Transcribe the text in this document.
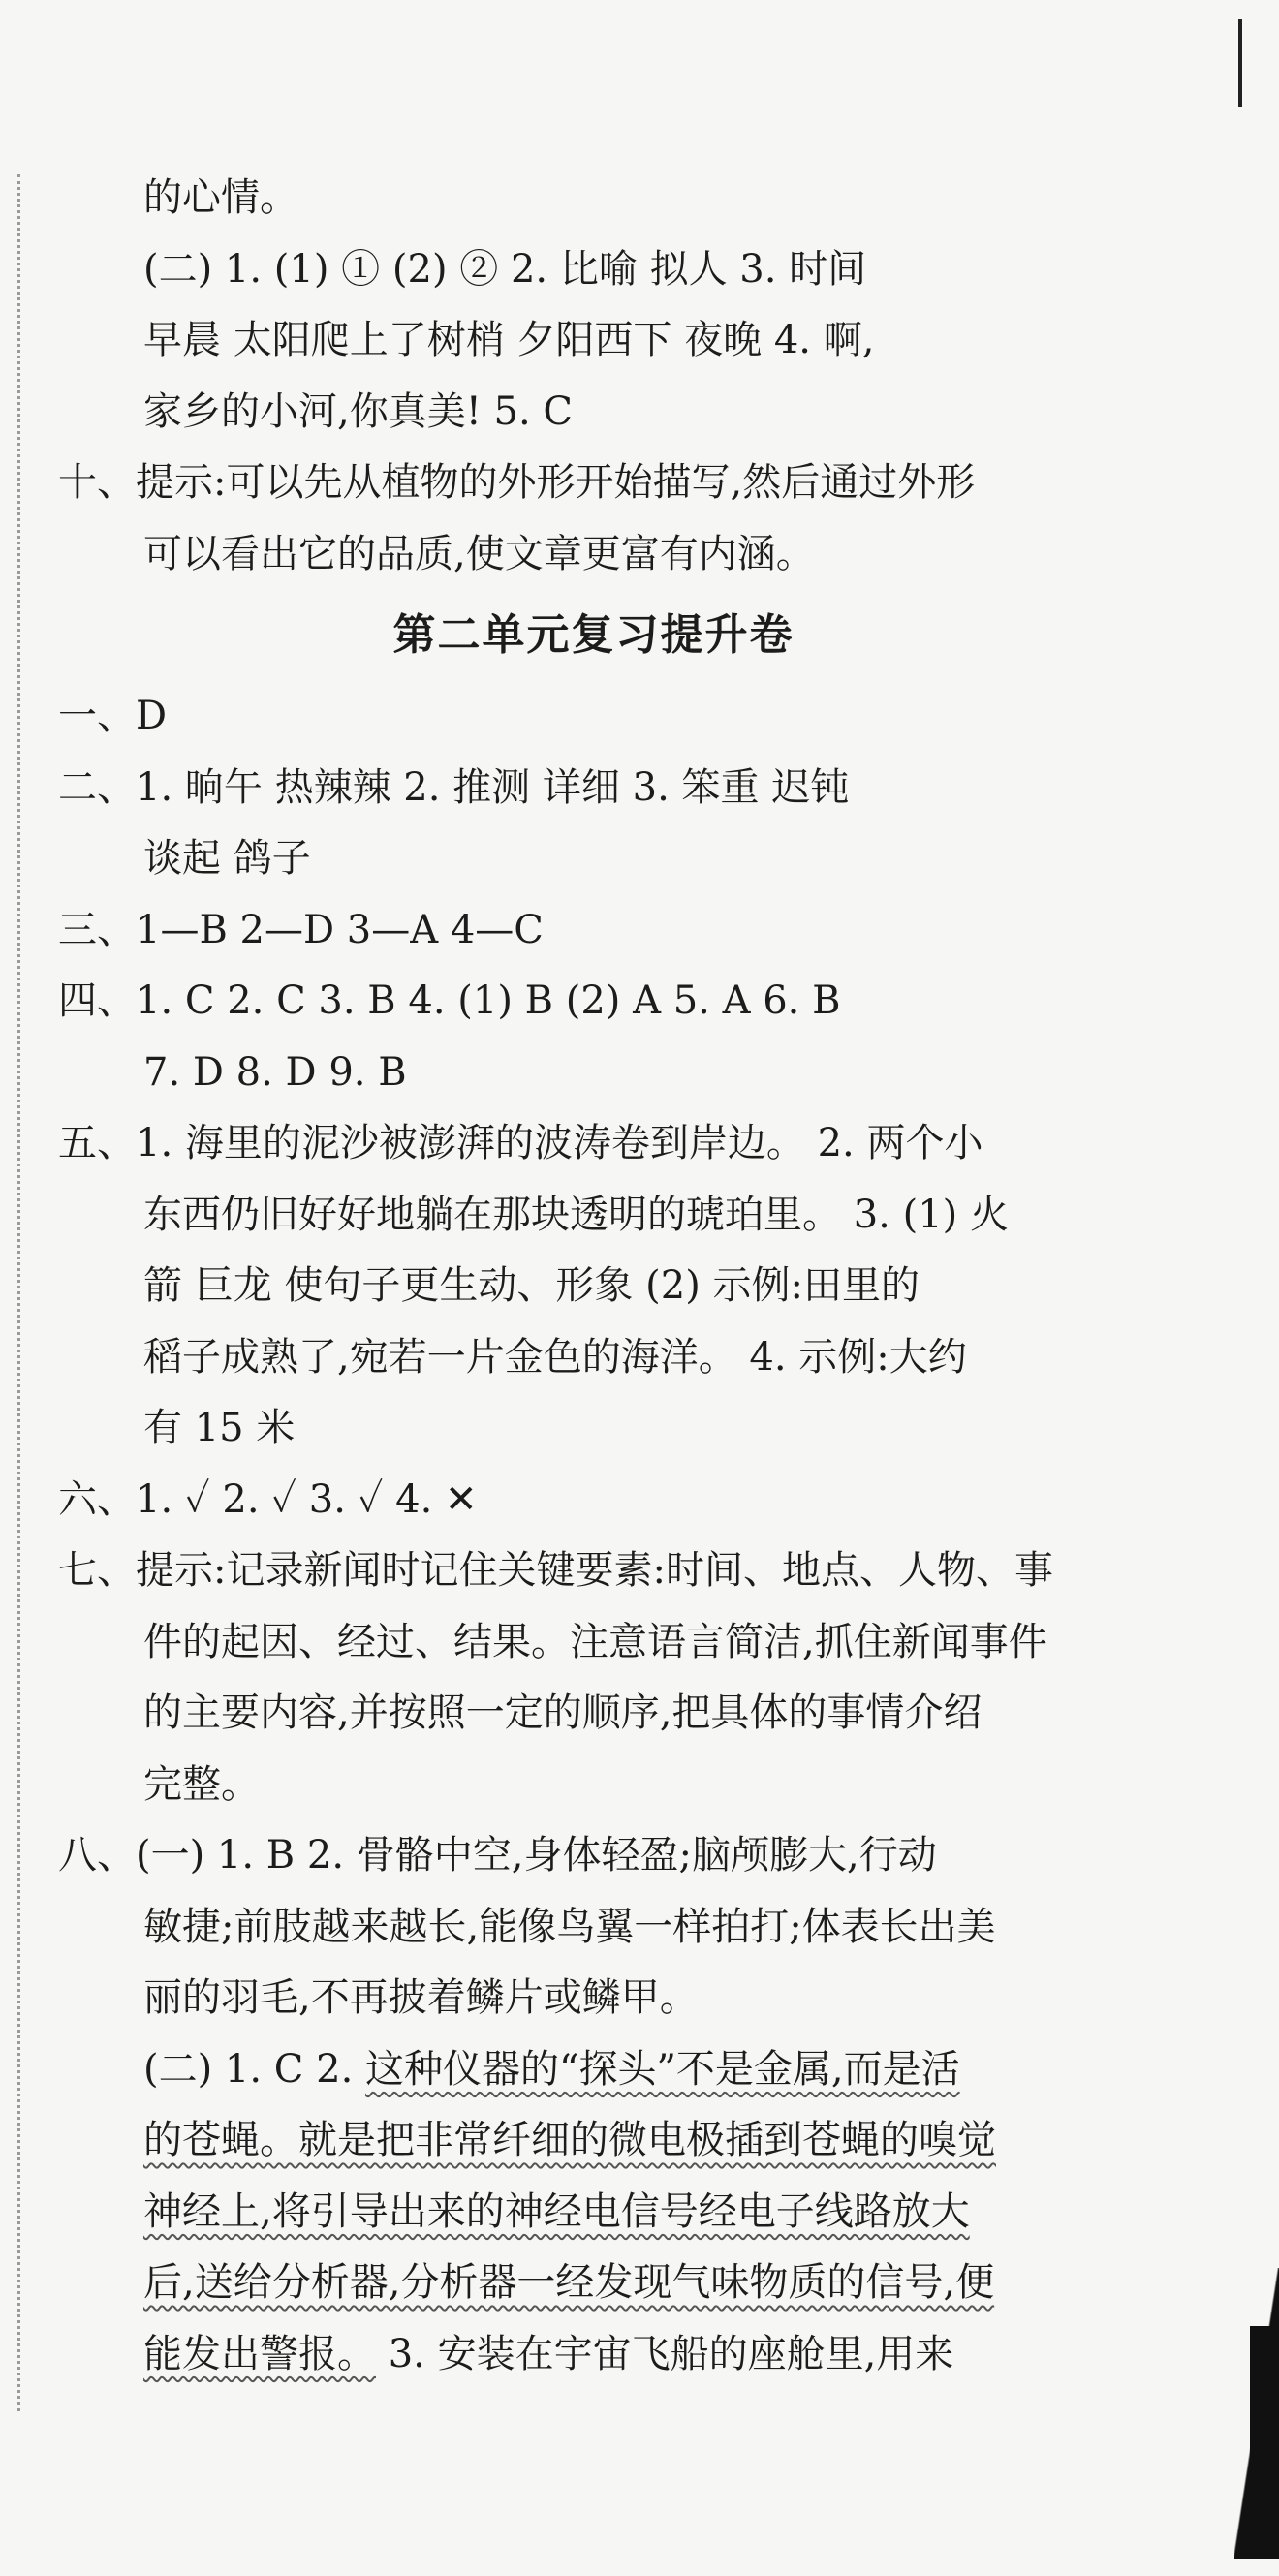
的心情。
(二) 1. (1) ① (2) ② 2. 比喻 拟人 3. 时间
早晨 太阳爬上了树梢 夕阳西下 夜晚 4. 啊,
家乡的小河,你真美! 5. C
十、提示:可以先从植物的外形开始描写,然后通过外形
可以看出它的品质,使文章更富有内涵。
第二单元复习提升卷
一、D
二、1. 晌午 热辣辣 2. 推测 详细 3. 笨重 迟钝
谈起 鸽子
三、1—B 2—D 3—A 4—C
四、1. C 2. C 3. B 4. (1) B (2) A 5. A 6. B
7. D 8. D 9. B
五、1. 海里的泥沙被澎湃的波涛卷到岸边。 2. 两个小
东西仍旧好好地躺在那块透明的琥珀里。 3. (1) 火
箭 巨龙 使句子更生动、形象 (2) 示例:田里的
稻子成熟了,宛若一片金色的海洋。 4. 示例:大约
有 15 米
六、1. ✓ 2. ✓ 3. ✓ 4. ✕
七、提示:记录新闻时记住关键要素:时间、地点、人物、事
件的起因、经过、结果。注意语言简洁,抓住新闻事件
的主要内容,并按照一定的顺序,把具体的事情介绍
完整。
八、(一) 1. B 2. 骨骼中空,身体轻盈;脑颅膨大,行动
敏捷;前肢越来越长,能像鸟翼一样拍打;体表长出美
丽的羽毛,不再披着鳞片或鳞甲。
(二) 1. C 2. 这种仪器的“探头”不是金属,而是活
的苍蝇。就是把非常纤细的微电极插到苍蝇的嗅觉
神经上,将引导出来的神经电信号经电子线路放大
后,送给分析器,分析器一经发现气味物质的信号,便
能发出警报。 3. 安装在宇宙飞船的座舱里,用来
